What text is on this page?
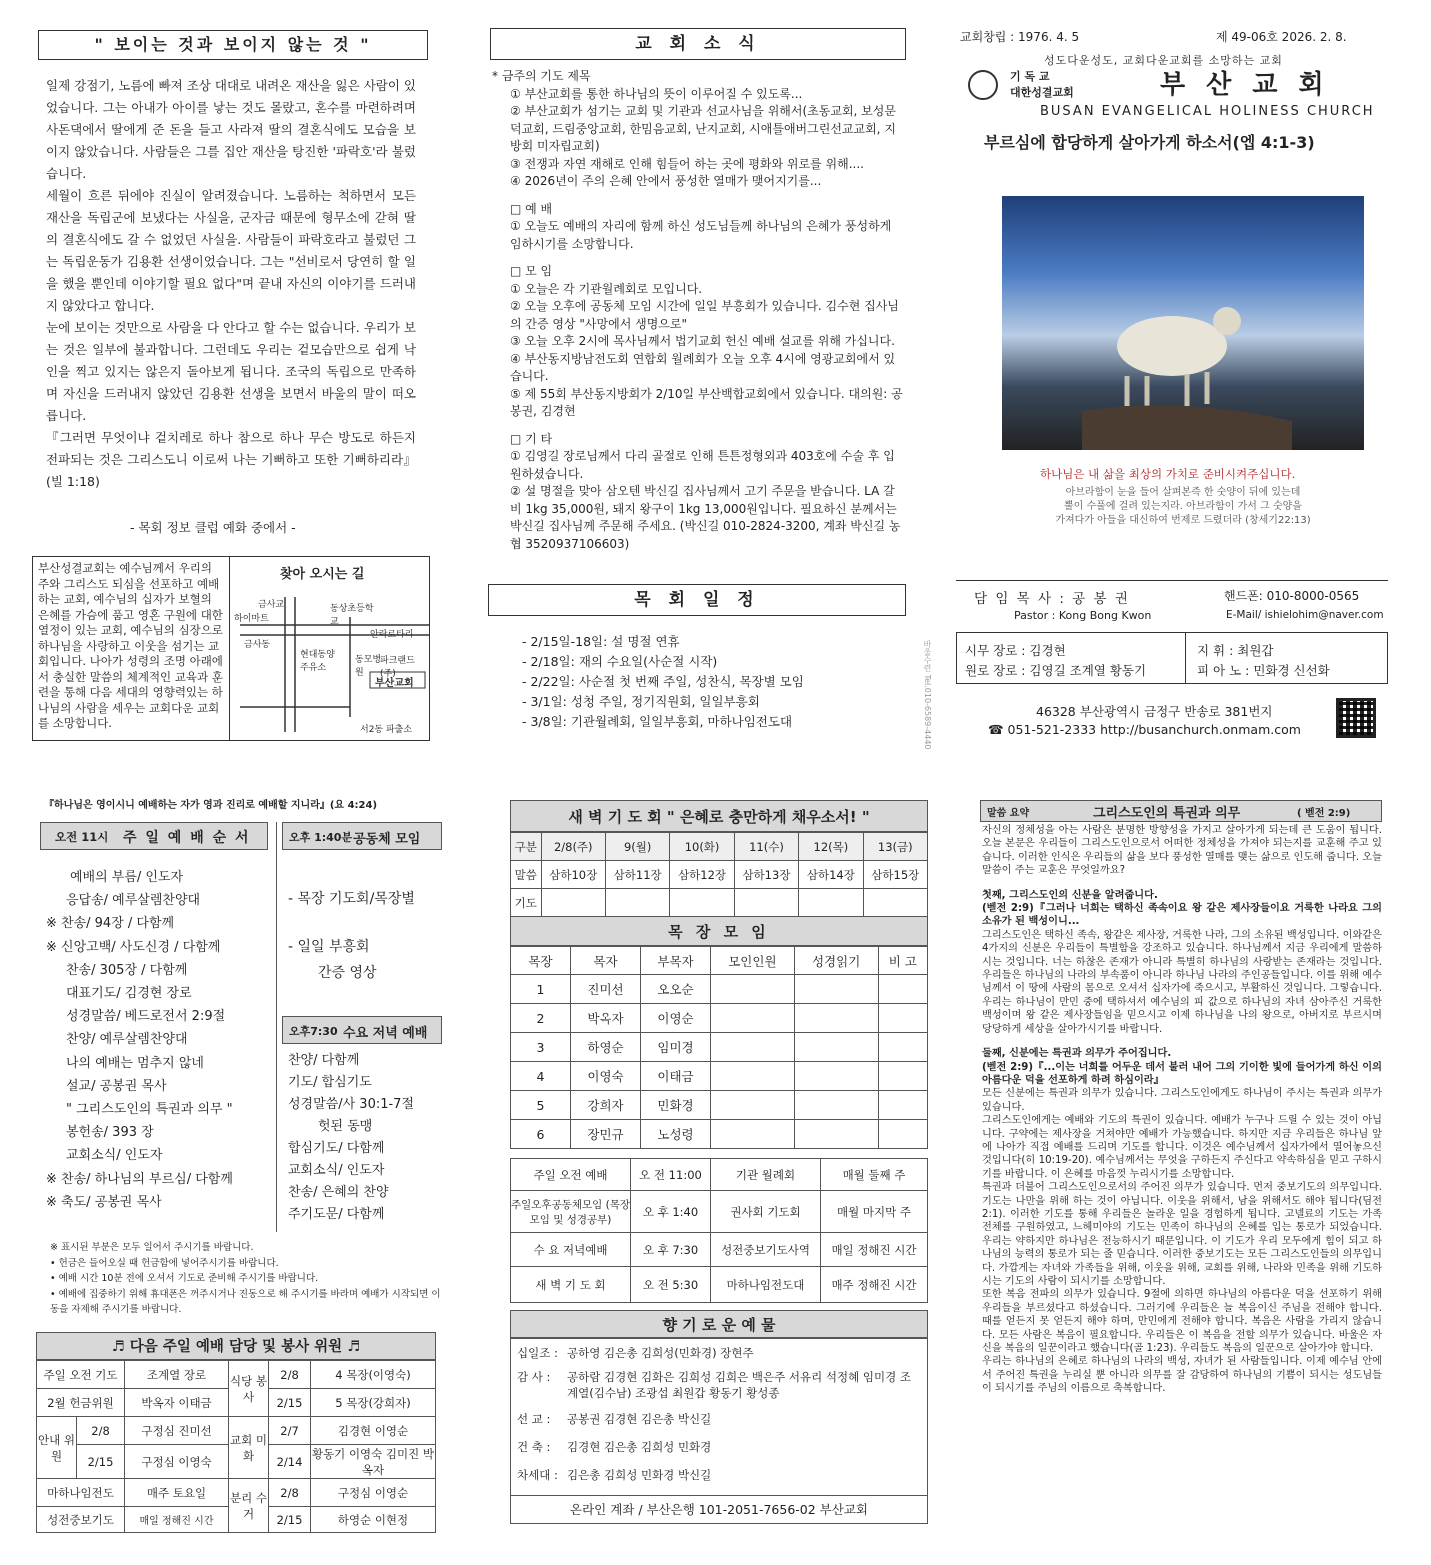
" 보이는 것과 보이지 않는 것 "

일제 강점기, 노름에 빠져 조상 대대로 내려온 재산을 잃은 사람이 있었습니다. 그는 아내가 아이를 낳는 것도 몰랐고, 혼수를 마련하려며 사돈댁에서 딸에게 준 돈을 들고 사라져 딸의 결혼식에도 모습을 보이지 않았습니다. 사람들은 그를 집안 재산을 탕진한 '파락호'라 불렀습니다.

세월이 흐른 뒤에야 진실이 알려졌습니다. 노름하는 척하면서 모든 재산을 독립군에 보냈다는 사실을, 군자금 때문에 형무소에 갇혀 딸의 결혼식에도 갈 수 없었던 사실을. 사람들이 파락호라고 불렀던 그는 독립운동가 김용환 선생이었습니다. 그는 "선비로서 당연히 할 일을 했을 뿐인데 이야기할 필요 없다"며 끝내 자신의 이야기를 드러내지 않았다고 합니다.

눈에 보이는 것만으로 사람을 다 안다고 할 수는 없습니다. 우리가 보는 것은 일부에 불과합니다. 그런데도 우리는 겉모습만으로 쉽게 낙인을 찍고 있지는 않은지 돌아보게 됩니다. 조국의 독립으로 만족하며 자신을 드러내지 않았던 김용환 선생을 보면서 바울의 말이 떠오릅니다.

『그러면 무엇이냐 겉치레로 하나 참으로 하나 무슨 방도로 하든지 전파되는 것은 그리스도니 이로써 나는 기뻐하고 또한 기뻐하리라』(빌 1:18)

- 목회 정보 클럽 예화 중에서 -
부산성결교회는 예수님께서 우리의 주와 그리스도 되심을 선포하고 예배하는 교회, 예수님의 십자가 보혈의 은혜를 가슴에 품고 영혼 구원에 대한 열정이 있는 교회, 예수님의 심장으로 하나님을 사랑하고 이웃을 섬기는 교회입니다. 나아가 성령의 조명 아래에서 충실한 말씀의 체계적인 교육과 훈련을 통해 다음 세대의 영향력있는 하나님의 사람을 세우는 교회다운 교회를 소망합니다.
찾아 오시는 길
하이마트
금사동
동상초등학교
안락로타리
현대동양주유소
동모병원
파크랜드(주)
부산교회
서2동 파출소
금사교
교 회 소 식

* 금주의 기도 제목

① 부산교회를 통한 하나님의 뜻이 이루어질 수 있도록...

② 부산교회가 섬기는 교회 및 기관과 선교사님을 위해서(초동교회, 보성문덕교회, 드림중앙교회, 한밈음교회, 난지교회, 시애틀애버그린선교교회, 지방회 미자립교회)

③ 전쟁과 자연 재해로 인해 힘들어 하는 곳에 평화와 위로를 위해....

④ 2026년이 주의 은혜 안에서 풍성한 열매가 맺어지기를...

□ 예 배

① 오늘도 예배의 자리에 함께 하신 성도님들께 하나님의 은혜가 풍성하게 임하시기를 소망합니다.

□ 모 임

① 오늘은 각 기관월례회로 모입니다.

② 오늘 오후에 공동체 모임 시간에 일일 부흥회가 있습니다. 김수현 집사님의 간증 영상 "사망에서 생명으로"

③ 오늘 오후 2시에 목사님께서 법기교회 헌신 예배 설교를 위해 가십니다.

④ 부산동지방남전도회 연합회 월례회가 오늘 오후 4시에 영광교회에서 있습니다.

⑤ 제 55회 부산동지방회가 2/10일 부산백합교회에서 있습니다. 대의원: 공봉권, 김경현

□ 기 타

① 김영길 장로님께서 다리 골절로 인해 튼튼정형외과 403호에 수술 후 입원하셨습니다.

② 설 명절을 맞아 삼오텐 박신길 집사님께서 고기 주문을 받습니다. LA 갈비 1kg 35,000원, 돼지 왕구이 1kg 13,000원입니다. 필요하신 분께서는 박신길 집사님께 주문해 주세요. (박신길 010-2824-3200, 계좌 박신길 농협 3520937106603)

목 회 일 정

- 2/15일-18일: 설 명절 연휴

- 2/18일: 재의 수요일(사순절 시작)

- 2/22일: 사순절 첫 번째 주일, 성찬식, 목장별 모임

- 3/1일: 성청 주일, 정기직원회, 일일부흥회

- 3/8일: 기관월례회, 일일부흥회, 마하나임전도대	바울수련 Tel.010-6589-4440
교회창립 : 1976. 4. 5	제 49-06호 2026. 2. 8.
성도다운성도, 교회다운교회를 소망하는 교회
기 독 교
대한성결교회	부 산 교 회
BUSAN EVANGELICAL HOLINESS CHURCH
부르심에 합당하게 살아가게 하소서(엡 4:1-3)
하나님은 내 삶을 최상의 가치로 준비시켜주십니다.

아브라함이 눈을 들어 살펴본즉 한 숫양이 뒤에 있는데

뿔이 수풀에 걸려 있는지라. 아브라함이 가서 그 숫양을

가져다가 아들을 대신하여 번제로 드렸더라 (창세기22:13)

담 임 목 사 : 공 봉 권	핸드폰: 010-8000-0565
Pastor : Kong Bong Kwon	E-Mail/ ishielohim@naver.com
시무 장로 : 김경현
원로 장로 : 김영길 조계열 황동기
지 휘 : 최원갑
피 아 노 : 민화경 신선화
46328 부산광역시 금정구 반송로 381번지
☎ 051-521-2333 http://busanchurch.onmam.com
『하나님은 영이시니 예배하는 자가 영과 진리로 예배할 지니라』(요 4:24)
오전 11시 주 일 예 배 순 서

예배의 부름/ 인도자

응답송/ 예루살렘찬양대

※ 찬송/ 94장 / 다함께

※ 신앙고백/ 사도신경 / 다함께

찬송/ 305장 / 다함께

대표기도/ 김경현 장로

성경말씀/ 베드로전서 2:9절

찬양/ 예루살렘찬양대

나의 예배는 멈추지 않네

설교/ 공봉권 목사

" 그리스도인의 특권과 의무 "

봉헌송/ 393 장

교회소식/ 인도자

※ 찬송/ 하나님의 부르심/ 다함께

※ 축도/ 공봉권 목사

오후 1:40분 공동체 모임

- 목장 기도회/목장별

- 일일 부흥회

간증 영상

오후7:30 수요 저녁 예배

찬양/ 다함께

기도/ 합심기도

성경말씀/사 30:1-7절

헛된 동맹

합심기도/ 다함께

교회소식/ 인도자

찬송/ 은혜의 찬양

주기도문/ 다함께

※ 표시된 부분은 모두 일어서 주시기를 바랍니다.

• 헌금은 들어오실 때 헌금함에 넣어주시기를 바랍니다.

• 예배 시간 10분 전에 오셔서 기도로 준비해 주시기를 바랍니다.

• 예배에 집중하기 위해 휴대폰은 꺼주시거나 진동으로 해 주시기를 바라며 예배가 시작되면 이동을 자제해 주시기를 바랍니다.

♬ 다음 주일 예배 담당 및 봉사 위원 ♬
주일 오전 기도		조계열 장로	식당 봉사	2/8	4 목장(이영숙)
2월 헌금위원		박옥자 이태금		2/15	5 목장(강희자)
안내 위원	2/8	구정심 진미선	교회 미화	2/7	김경현 이영순
	2/15	구정심 이영숙		2/14	황동기 이영숙 김미진 박옥자
마하나임전도		매주 토요일	분리 수거	2/8	구정심 이영순
성전중보기도		매일 정해진 시간		2/15	하영순 이현정
새 벽 기 도 회 " 은혜로 충만하게 채우소서! "
구분	2/8(주)	9(월)	10(화)	11(수)	12(목)	13(금)
말씀	삼하10장	삼하11장	삼하12장	삼하13장	삼하14장	삼하15장
기도						
목 장 모 임
목장	목자	부목자	모인인원	성경읽기	비 고
1	진미선	오오순			
2	박옥자	이영순			
3	하영순	임미경			
4	이영숙	이태금			
5	강희자	민화경			
6	장민규	노성령			
주일 오전 예배	오 전 11:00	기관 월례회	매월 둘째 주
주일오후공동체모임 (목장모임 및 성경공부)	오 후 1:40	권사회 기도회	매월 마지막 주
수 요 저녁예배	오 후 7:30	성전중보기도사역	매일 정해진 시간
새 벽 기 도 회	오 전 5:30	마하나임전도대	매주 정해진 시간
향 기 로 운 예 물
십일조 : 공하영 김은총 김희성(민화경) 장현주
감 사 :	공하람 김경현 김화은 김희성 김희은 백은주 서유리 석정혜 임미경 조계열(김수남) 조광섭 최원갑 황동기 황성종
선 교 : 공봉권 김경현 김은총 박신길
건 축 : 김경현 김은총 김희성 민화경
차세대 : 김은총 김희성 민화경 박신길
온라인 계좌 / 부산은행 101-2051-7656-02 부산교회
말씀 요약	그리스도인의 특권과 의무	( 벧전 2:9)

자신의 정체성을 아는 사람은 분명한 방향성을 가지고 살아가게 되는데 큰 도움이 됩니다. 오늘 본문은 우리들이 그리스도인으로서 어떠한 정체성을 가져야 되는지를 교훈해 주고 있습니다. 이러한 인식은 우리들의 삶을 보다 풍성한 열매를 맺는 삶으로 인도해 줍니다. 오늘 말씀이 주는 교훈은 무엇일까요?

첫째, 그리스도인의 신분을 알려줍니다.

(벧전 2:9)『그러나 너희는 택하신 족속이요 왕 같은 제사장들이요 거룩한 나라요 그의 소유가 된 백성이니...

그리스도인은 택하신 족속, 왕같은 제사장, 거룩한 나라, 그의 소유된 백성입니다. 이와같은 4가지의 신분은 우리들이 특별함을 강조하고 있습니다. 하나님께서 지금 우리에게 말씀하시는 것입니다. 너는 하찮은 존재가 아니라 특별히 하나님의 사랑받는 존재라는 것입니다. 우리들은 하나님의 나라의 부속품이 아니라 하나님 나라의 주인공들입니다. 이를 위해 예수님께서 이 땅에 사람의 몸으로 오셔서 십자가에 죽으시고, 부활하신 것입니다. 그렇습니다. 우리는 하나님이 만민 중에 택하셔서 예수님의 피 값으로 하나님의 자녀 삼아주신 거룩한 백성이며 왕 같은 제사장들임을 믿으시고 이제 하나님을 나의 왕으로, 아버지로 부르시며 당당하게 세상을 살아가시기를 바랍니다.

둘째, 신분에는 특권과 의무가 주어집니다.

(벧전 2:9)『...이는 너희를 어두운 데서 불러 내어 그의 기이한 빛에 들어가게 하신 이의 아름다운 덕을 선포하게 하려 하심이라』

모든 신분에는 특권과 의무가 있습니다. 그리스도인에게도 하나님이 주시는 특권과 의무가 있습니다.
그리스도인에게는 예배와 기도의 특권이 있습니다. 예배가 누구나 드릴 수 있는 것이 아닙니다. 구약에는 제사장을 거쳐야만 예배가 가능했습니다. 하지만 지금 우리들은 하나님 앞에 나아가 직접 예배를 드리며 기도를 합니다. 이것은 예수님께서 십자가에서 열어놓으신 것입니다(히 10:19-20). 예수님께서는 무엇을 구하든지 주신다고 약속하심을 믿고 구하시기를 바랍니다. 이 은혜를 마음껏 누리시기를 소망합니다.
특권과 더불어 그리스도인으로서의 주어진 의무가 있습니다. 먼저 중보기도의 의무입니다. 기도는 나만을 위해 하는 것이 아닙니다. 이웃을 위해서, 남을 위해서도 해야 됩니다(딤전2:1). 이러한 기도를 통해 우리들은 놀라운 일을 경험하게 됩니다. 고넬료의 기도는 가족 전체를 구원하였고, 느헤미야의 기도는 민족이 하나님의 은혜를 입는 통로가 되었습니다. 우리는 약하지만 하나님은 전능하시기 때문입니다. 이 기도가 우리 모두에게 힘이 되고 하나님의 능력의 통로가 되는 줄 믿습니다. 이러한 중보기도는 모든 그리스도인들의 의무입니다. 가깝게는 자녀와 가족들을 위해, 이웃을 위해, 교회를 위해, 나라와 민족을 위해 기도하시는 기도의 사람이 되시기를 소망합니다.
또한 복음 전파의 의무가 있습니다. 9절에 의하면 하나님의 아름다운 덕을 선포하기 위해 우리들을 부르셨다고 하셨습니다. 그러기에 우리들은 늘 복음이신 주님을 전해야 합니다. 때를 얻든지 못 얻든지 해야 하며, 만민에게 전해야 합니다. 복음은 사람을 가리지 않습니다. 모든 사람은 복음이 필요합니다. 우리들은 이 복음을 전할 의무가 있습니다. 바울은 자신을 복음의 일꾼이라고 했습니다(골 1:23). 우리들도 복음의 일꾼으로 살아가야 합니다.
우리는 하나님의 은혜로 하나님의 나라의 백성, 자녀가 된 사람들입니다. 이제 예수님 안에서 주어진 특권을 누리실 뿐 아니라 의무를 잘 감당하여 하나님의 기쁨이 되시는 성도님들이 되시기를 주님의 이름으로 축복합니다.
